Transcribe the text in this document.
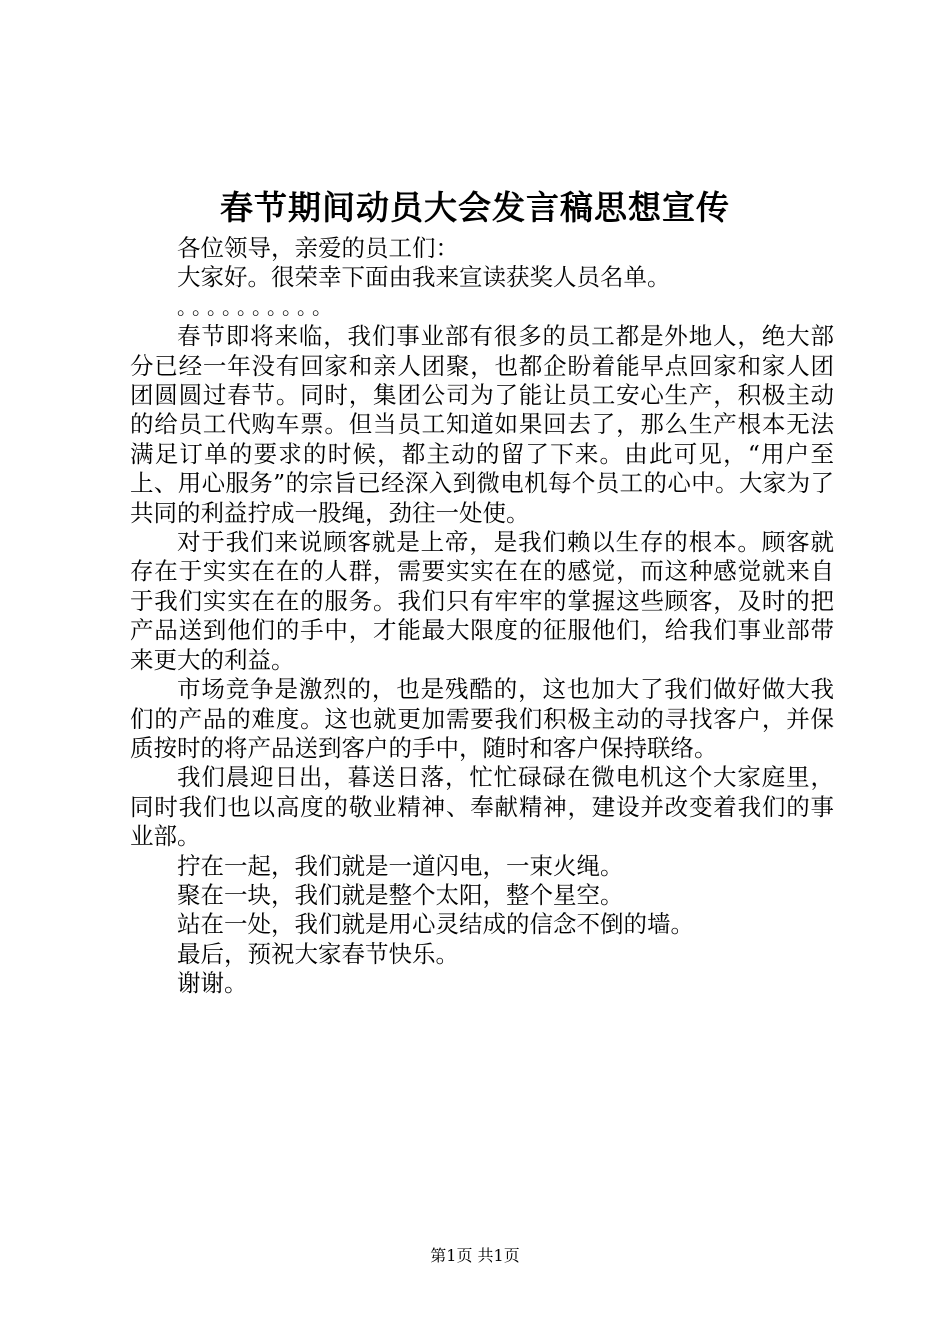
春节期间动员大会发言稿思想宣传

各位领导，亲爱的员工们：

大家好。很荣幸下面由我来宣读获奖人员名单。

。。。。。。。。。。

春节即将来临，我们事业部有很多的员工都是外地人，绝大部分已经一年没有回家和亲人团聚，也都企盼着能早点回家和家人团团圆圆过春节。同时，集团公司为了能让员工安心生产，积极主动的给员工代购车票。但当员工知道如果回去了，那么生产根本无法满足订单的要求的时候，都主动的留了下来。由此可见，“用户至上、用心服务”的宗旨已经深入到微电机每个员工的心中。大家为了共同的利益拧成一股绳，劲往一处使。

对于我们来说顾客就是上帝，是我们赖以生存的根本。顾客就存在于实实在在的人群，需要实实在在的感觉，而这种感觉就来自于我们实实在在的服务。我们只有牢牢的掌握这些顾客，及时的把产品送到他们的手中，才能最大限度的征服他们，给我们事业部带来更大的利益。

市场竞争是激烈的，也是残酷的，这也加大了我们做好做大我们的产品的难度。这也就更加需要我们积极主动的寻找客户，并保质按时的将产品送到客户的手中，随时和客户保持联络。

我们晨迎日出，暮送日落，忙忙碌碌在微电机这个大家庭里，同时我们也以高度的敬业精神、奉献精神，建设并改变着我们的事业部。

拧在一起，我们就是一道闪电，一束火绳。

聚在一块，我们就是整个太阳，整个星空。

站在一处，我们就是用心灵结成的信念不倒的墙。

最后，预祝大家春节快乐。

谢谢。

第1页 共1页
